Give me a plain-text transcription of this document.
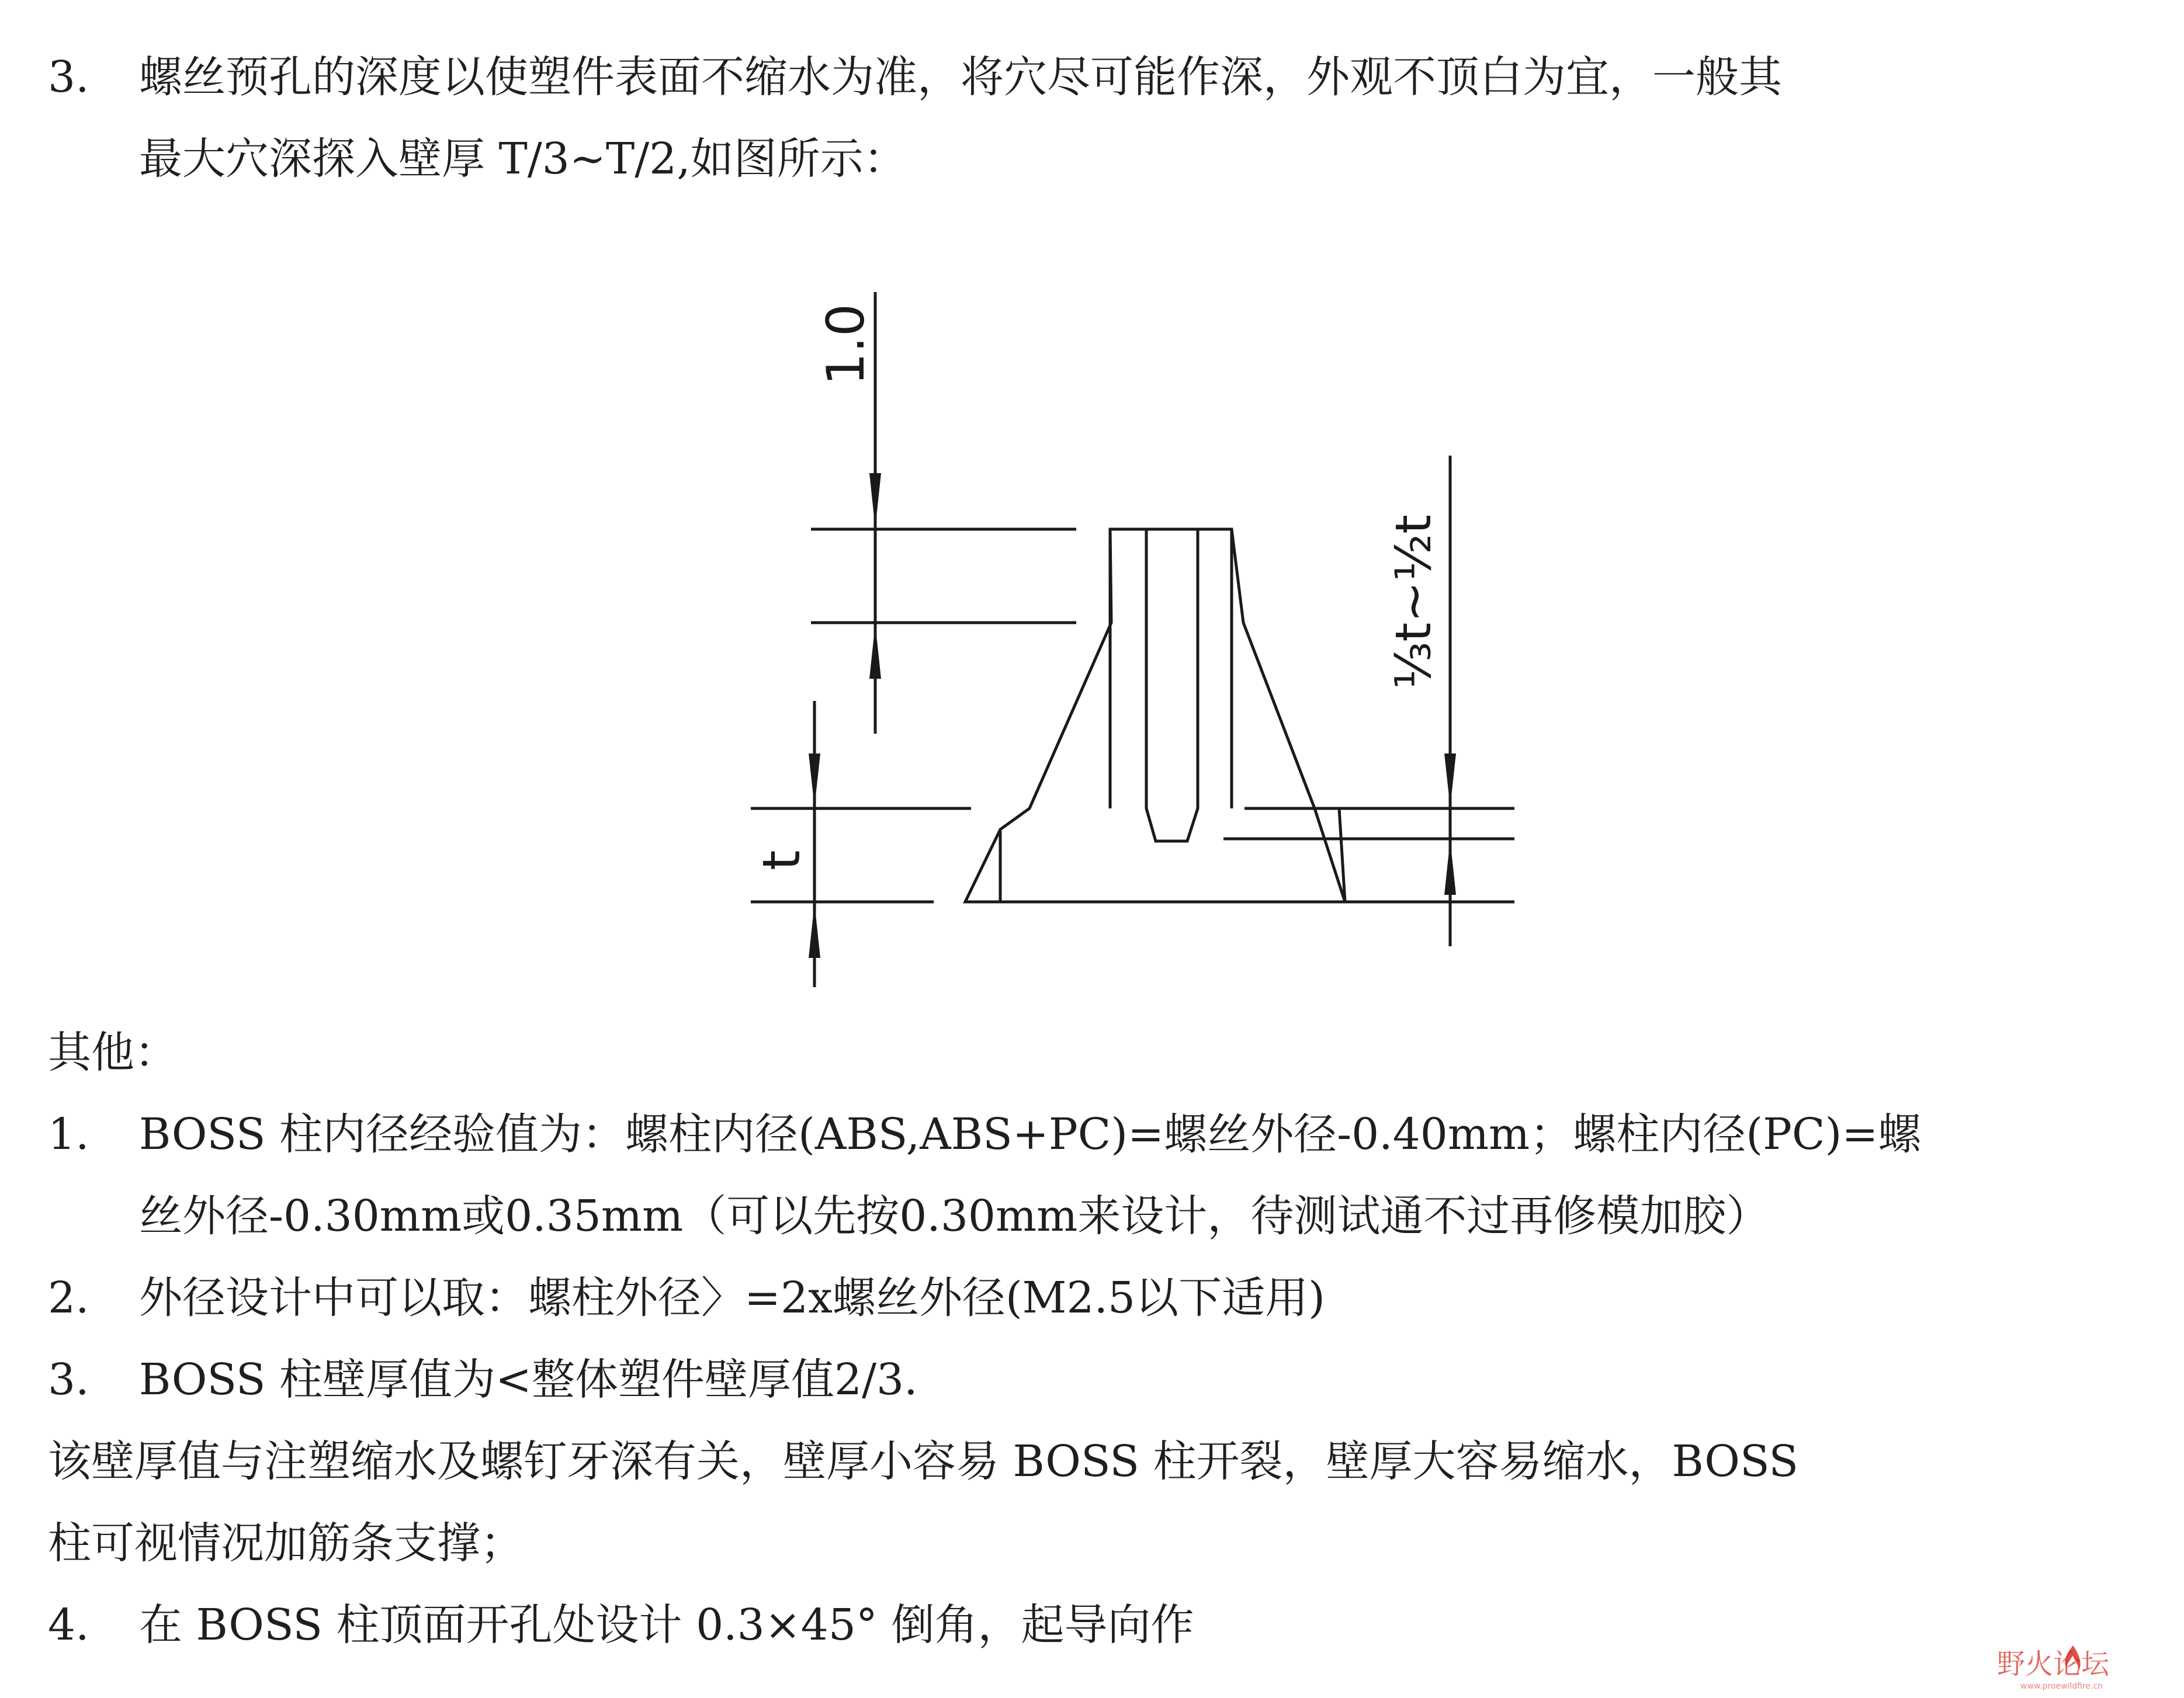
3. 螺丝预孔的深度以使塑件表面不缩水为准，将穴尽可能作深，外观不顶白为宜，一般其
最大穴深探入壁厚 T/3~T/2,如图所示：
1.0
t
⅓t~½t
其他：
1. BOSS 柱内径经验值为：螺柱内径(ABS,ABS+PC)=螺丝外径-0.40mm；螺柱内径(PC)=螺
丝外径-0.30mm或0.35mm（可以先按0.30mm来设计，待测试通不过再修模加胶）
2. 外径设计中可以取：螺柱外径〉=2x螺丝外径(M2.5以下适用)
3. BOSS 柱壁厚值为<整体塑件壁厚值2/3.
该壁厚值与注塑缩水及螺钉牙深有关，壁厚小容易 BOSS 柱开裂，壁厚大容易缩水，BOSS
柱可视情况加筋条支撑；
4. 在 BOSS 柱顶面开孔处设计 0.3×45° 倒角，起导向作
野火论坛
www.proewildfire.cn
